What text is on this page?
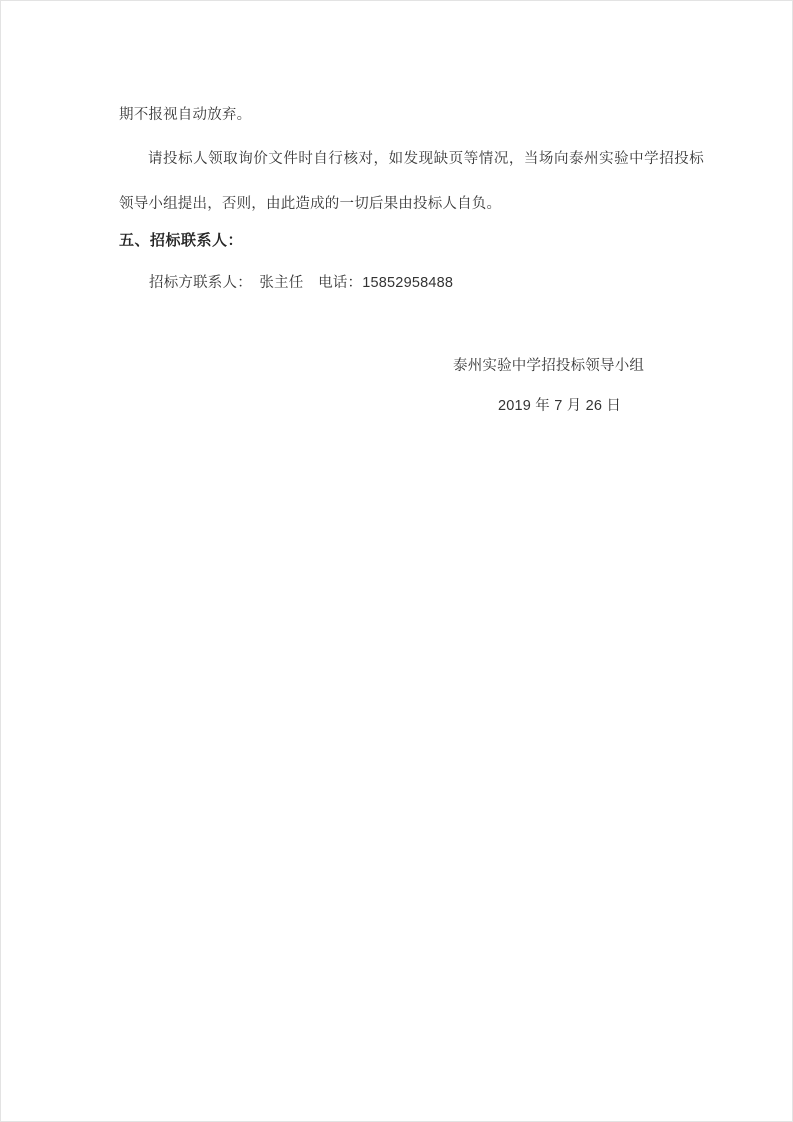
期不报视自动放弃。
请投标人领取询价文件时自行核对，如发现缺页等情况，当场向泰州实验中学招投标领导小组提出，否则，由此造成的一切后果由投标人自负。
五、招标联系人：
招标方联系人：　张主任　电话：15852958488
泰州实验中学招投标领导小组
2019 年 7 月 26 日
